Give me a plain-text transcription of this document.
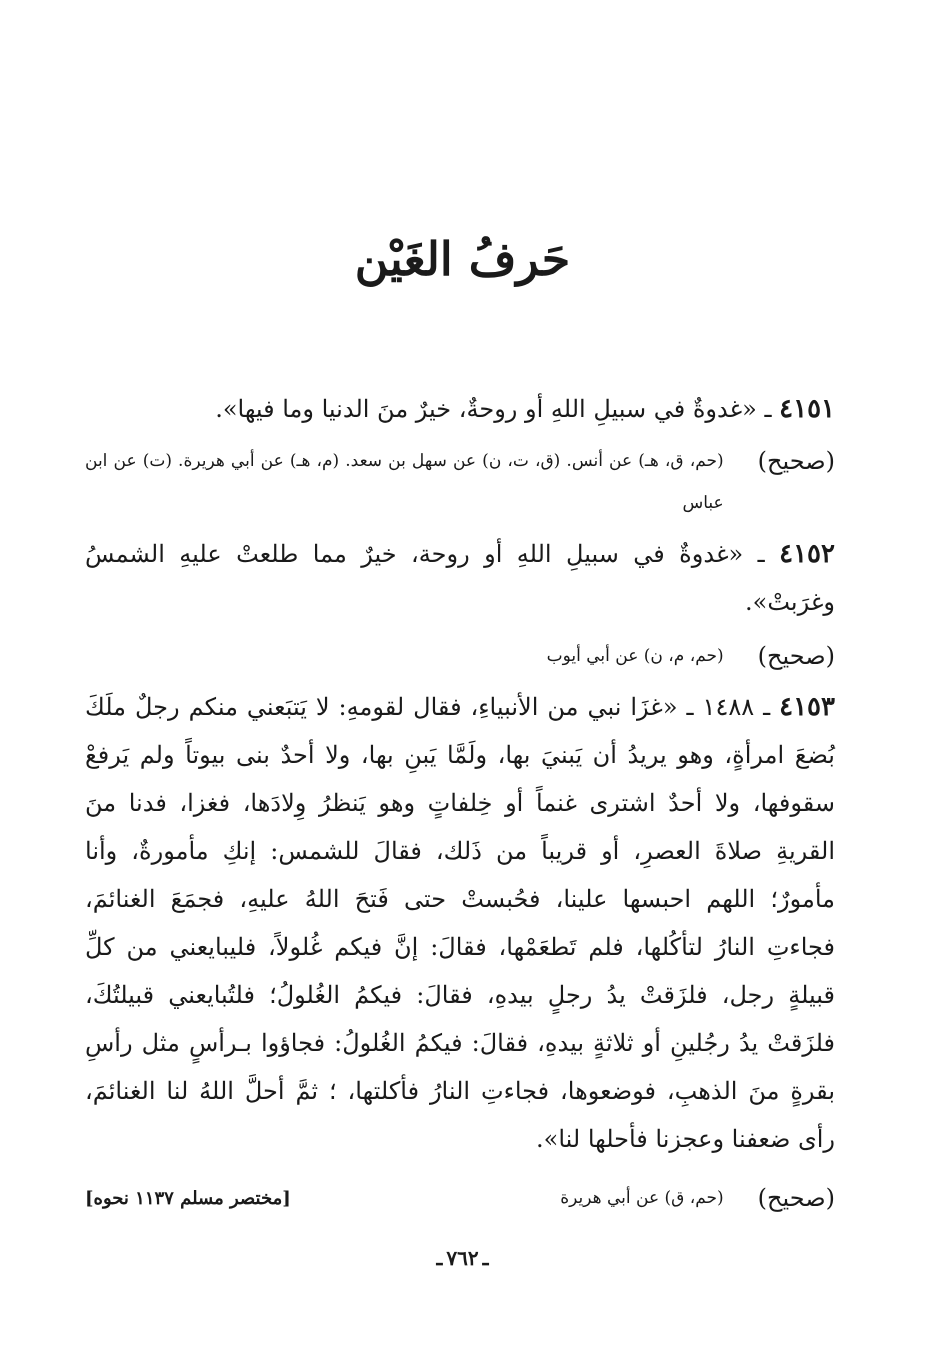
حَرفُ الغَيْن
٤١٥١ ـ «غدوةٌ في سبيلِ اللهِ أو روحةٌ، خيرٌ منَ الدنيا وما فيها».
(صحيح)
(حم، ق، هـ) عن أنس. (ق، ت، ن) عن سهل بن سعد. (م، هـ) عن أبي هريرة. (ت) عن ابن عباس
٤١٥٢ ـ «غدوةٌ في سبيلِ اللهِ أو روحة، خيرٌ مما طلعتْ عليهِ الشمسُ وغرَبتْ».
(صحيح)
(حم، م، ن) عن أبي أيوب
٤١٥٣ ـ ١٤٨٨ ـ «غزَا نبي من الأنبياءِ، فقال لقومهِ: لا يَتبَعني منكم رجلٌ ملَكَ بُضعَ امرأةٍ، وهو يريدُ أن يَبنيَ بها، ولَمَّا يَبنِ بها، ولا أحدٌ بنى بيوتاً ولم يَرفعْ سقوفها، ولا أحدٌ اشترى غنماً أو خِلفاتٍ وهو يَنظرُ وِلادَها، فغزا، فدنا منَ القريةِ صلاةَ العصرِ، أو قريباً من ذَلك، فقالَ للشمس: إنكِ مأمورةٌ، وأنا مأمورٌ؛ اللهم احبسها علينا، فحُبستْ حتى فَتحَ اللهُ عليهِ، فجمَعَ الغنائمَ، فجاءتِ النارُ لتأكُلها، فلم تَطعَمْها، فقالَ: إنَّ فيكم غُلولاً، فليبايعني من كلِّ قبيلةٍ رجل، فلزَقتْ يدُ رجلٍ بيدهِ، فقالَ: فيكمُ الغُلولُ؛ فلتُبايعني قبيلتُكَ، فلزَقتْ يدُ رجُلينِ أو ثلاثةٍ بيدهِ، فقالَ: فيكمُ الغُلولُ: فجاؤوا بـرأسٍ مثل رأسِ بقرةٍ منَ الذهبِ، فوضعوها، فجاءتِ النارُ فأكلتها، ؛ ثمَّ أحلَّ اللهُ لنا الغنائمَ، رأى ضعفنا وعجزنا فأحلها لنا».
(صحيح)
(حم، ق) عن أبي هريرة
[مختصر مسلم ١١٣٧ نحوه]
ـ٧٦٢ـ
